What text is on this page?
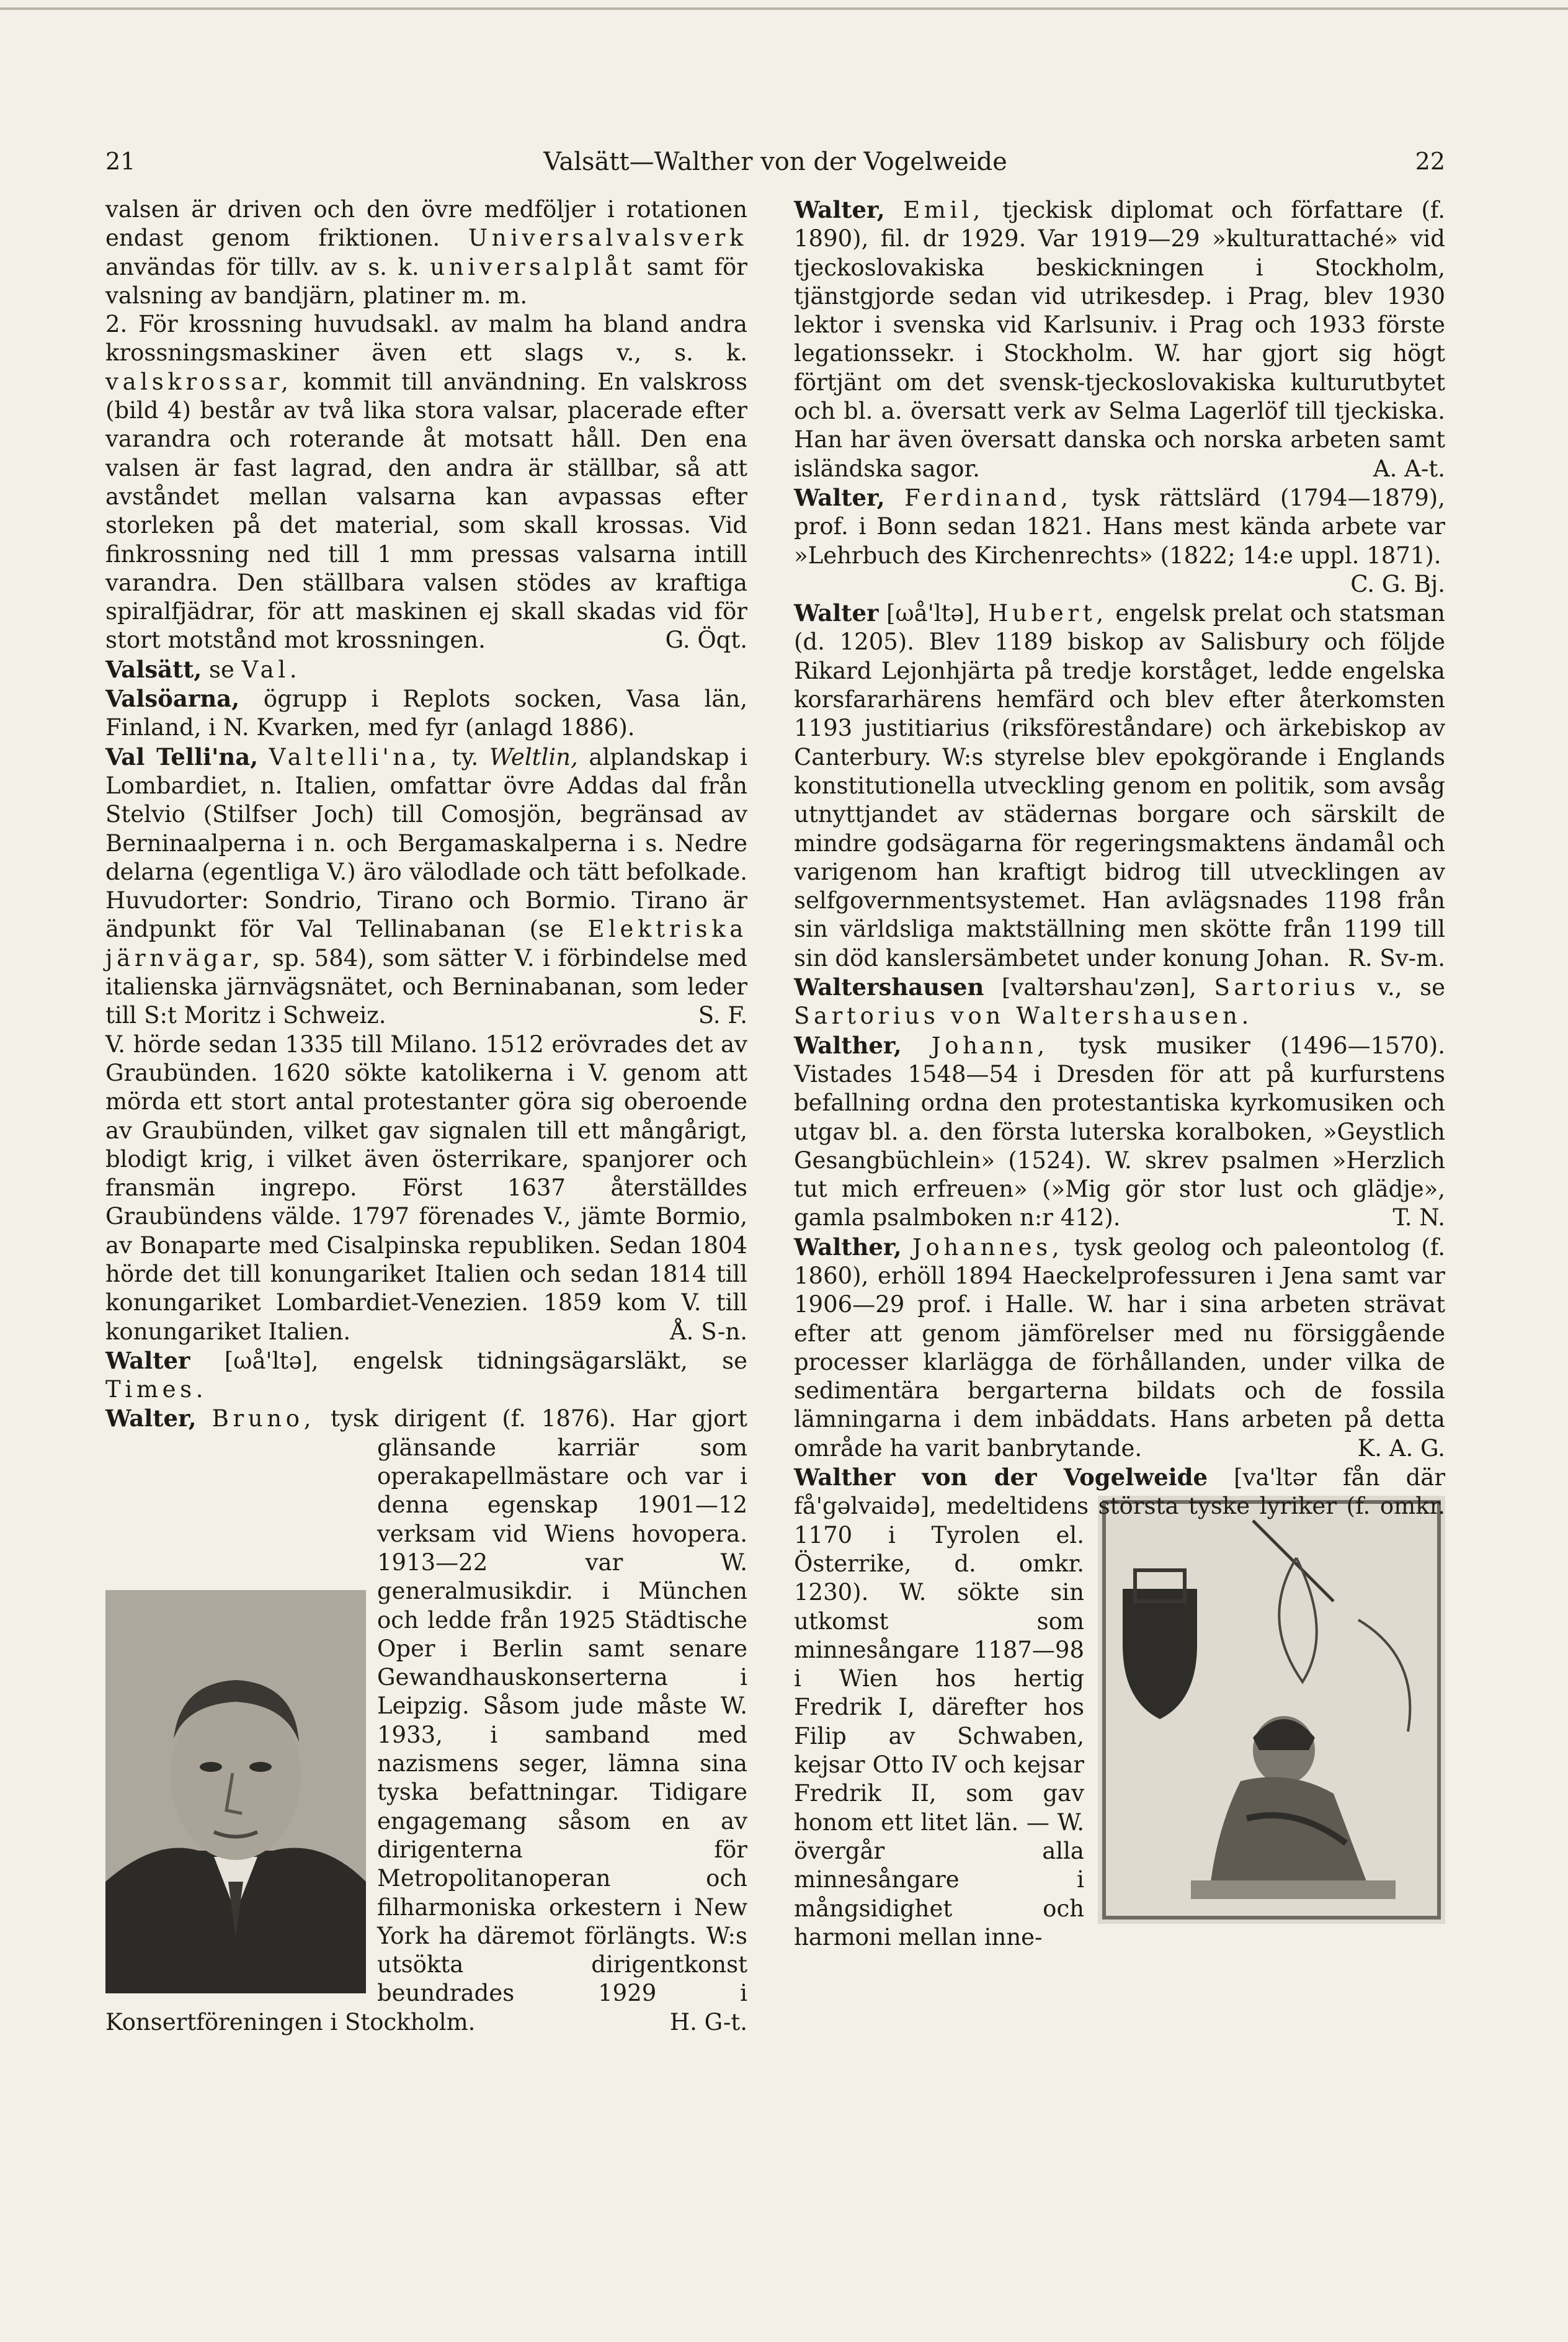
21	Valsätt—Walther von der Vogelweide	22

valsen är driven och den övre medföljer i rotationen endast genom friktionen. Universalvalsverk användas för tillv. av s. k. universalplåt samt för valsning av bandjärn, platiner m. m.

2. För krossning huvudsakl. av malm ha bland andra krossningsmaskiner även ett slags v., s. k. valskrossar, kommit till användning. En valskross (bild 4) består av två lika stora valsar, placerade efter varandra och roterande åt motsatt håll. Den ena valsen är fast lagrad, den andra är ställbar, så att avståndet mellan valsarna kan avpassas efter storleken på det material, som skall krossas. Vid finkrossning ned till 1 mm pressas valsarna intill varandra. Den ställbara valsen stödes av kraftiga spiralfjädrar, för att maskinen ej skall skadas vid för stort motstånd mot krossningen.	G. Öqt.

Valsätt, se Val.

Valsöarna, ögrupp i Replots socken, Vasa län, Finland, i N. Kvarken, med fyr (anlagd 1886).

Val Telli'na, Valtelli'na, ty. Weltlin, alplandskap i Lombardiet, n. Italien, omfattar övre Addas dal från Stelvio (Stilfser Joch) till Comosjön, begränsad av Berninaalperna i n. och Bergamaskalperna i s. Nedre delarna (egentliga V.) äro välodlade och tätt befolkade. Huvudorter: Sondrio, Tirano och Bormio. Tirano är ändpunkt för Val Tellinabanan (se Elektriska järnvägar, sp. 584), som sätter V. i förbindelse med italienska järnvägsnätet, och Berninabanan, som leder till S:t Moritz i Schweiz.	S. F.

V. hörde sedan 1335 till Milano. 1512 erövrades det av Graubünden. 1620 sökte katolikerna i V. genom att mörda ett stort antal protestanter göra sig oberoende av Graubünden, vilket gav signalen till ett mångårigt, blodigt krig, i vilket även österrikare, spanjorer och fransmän ingrepo. Först 1637 återställdes Graubündens välde. 1797 förenades V., jämte Bormio, av Bonaparte med Cisalpinska republiken. Sedan 1804 hörde det till konungariket Italien och sedan 1814 till konungariket Lombardiet-Venezien. 1859 kom V. till konungariket Italien.	Å. S-n.

Walter [ωå'ltə], engelsk tidningsägarsläkt, se Times.

Walter, Bruno, tysk dirigent (f. 1876). Har gjort glänsande karriär som operakapellmästare och var i denna egenskap 1901—12 verksam vid Wiens hovopera. 1913—22 var W. generalmusikdir. i München och ledde från 1925 Städtische Oper i Berlin samt senare Gewandhauskonserterna i Leipzig. Såsom jude måste W. 1933, i samband med nazismens seger, lämna sina tyska befattningar. Tidigare engagemang såsom en av dirigenterna för Metropolitanoperan och filharmoniska orkestern i New York ha däremot förlängts. W:s utsökta dirigentkonst beundrades 1929 i Konsertföreningen i Stockholm.	H. G-t.

Walter, Emil, tjeckisk diplomat och författare (f. 1890), fil. dr 1929. Var 1919—29 »kulturattaché» vid tjeckoslovakiska beskickningen i Stockholm, tjänstgjorde sedan vid utrikesdep. i Prag, blev 1930 lektor i svenska vid Karlsuniv. i Prag och 1933 förste legationssekr. i Stockholm. W. har gjort sig högt förtjänt om det svensk-tjeckoslovakiska kulturutbytet och bl. a. översatt verk av Selma Lagerlöf till tjeckiska. Han har även översatt danska och norska arbeten samt isländska sagor.	A. A-t.

Walter, Ferdinand, tysk rättslärd (1794—1879), prof. i Bonn sedan 1821. Hans mest kända arbete var »Lehrbuch des Kirchenrechts» (1822; 14:e uppl. 1871).
C. G. Bj.

Walter [ωå'ltə], Hubert, engelsk prelat och statsman (d. 1205). Blev 1189 biskop av Salisbury och följde Rikard Lejonhjärta på tredje korståget, ledde engelska korsfararhärens hemfärd och blev efter återkomsten 1193 justitiarius (riksföreståndare) och ärkebiskop av Canterbury. W:s styrelse blev epokgörande i Englands konstitutionella utveckling genom en politik, som avsåg utnyttjandet av städernas borgare och särskilt de mindre godsägarna för regeringsmaktens ändamål och varigenom han kraftigt bidrog till utvecklingen av selfgovernmentsystemet. Han avlägsnades 1198 från sin världsliga maktställning men skötte från 1199 till sin död kanslersämbetet under konung Johan. R. Sv-m.

Waltershausen [valtərshau'zən], Sartorius v., se Sartorius von Waltershausen.

Walther, Johann, tysk musiker (1496—1570). Vistades 1548—54 i Dresden för att på kurfurstens befallning ordna den protestantiska kyrkomusiken och utgav bl. a. den första luterska koralboken, »Geystlich Gesangbüchlein» (1524). W. skrev psalmen »Herzlich tut mich erfreuen» (»Mig gör stor lust och glädje», gamla psalmboken n:r 412).	T. N.

Walther, Johannes, tysk geolog och paleontolog (f. 1860), erhöll 1894 Haeckelprofessuren i Jena samt var 1906—29 prof. i Halle. W. har i sina arbeten strävat efter att genom jämförelser med nu försiggående processer klarlägga de förhållanden, under vilka de sedimentära bergarterna bildats och de fossila lämningarna i dem inbäddats. Hans arbeten på detta område ha varit banbrytande.	K. A. G.

Walther von der Vogelweide [va'ltər fån där få'gəlvaidə], medeltidens största tyske lyriker (f. omkr. 1170 i Tyrolen el. Österrike, d. omkr. 1230). W. sökte sin utkomst som minnesångare 1187—98 i Wien hos hertig Fredrik I, därefter hos Filip av Schwaben, kejsar Otto IV och kejsar Fredrik II, som gav honom ett litet län. — W. övergår alla minnesångare i mångsidighet och harmoni mellan inne-
